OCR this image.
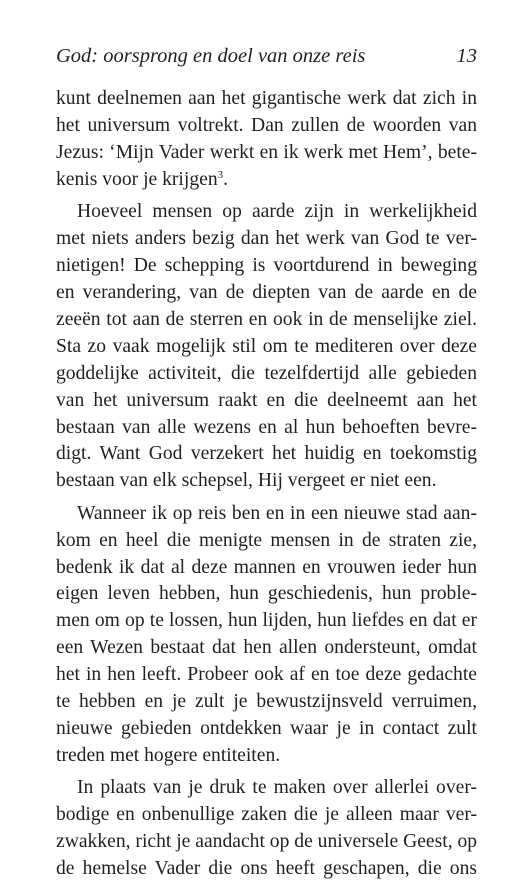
God: oorsprong en doel van onze reis	13
kunt deelnemen aan het gigantische werk dat zich in
het universum voltrekt. Dan zullen de woorden van
Jezus: ‘Mijn Vader werkt en ik werk met Hem’, bete-
kenis voor je krijgen$^3$.
Hoeveel mensen op aarde zijn in werkelijkheid
met niets anders bezig dan het werk van God te ver-
nietigen! De schepping is voortdurend in beweging
en verandering, van de diepten van de aarde en de
zeeën tot aan de sterren en ook in de menselijke ziel.
Sta zo vaak mogelijk stil om te mediteren over deze
goddelijke activiteit, die tezelfdertijd alle gebieden
van het universum raakt en die deelneemt aan het
bestaan van alle wezens en al hun behoeften bevre-
digt. Want God verzekert het huidig en toekomstig
bestaan van elk schepsel, Hij vergeet er niet een.
Wanneer ik op reis ben en in een nieuwe stad aan-
kom en heel die menigte mensen in de straten zie,
bedenk ik dat al deze mannen en vrouwen ieder hun
eigen leven hebben, hun geschiedenis, hun proble-
men om op te lossen, hun lijden, hun liefdes en dat er
een Wezen bestaat dat hen allen ondersteunt, omdat
het in hen leeft. Probeer ook af en toe deze gedachte
te hebben en je zult je bewustzijnsveld verruimen,
nieuwe gebieden ontdekken waar je in contact zult
treden met hogere entiteiten.
In plaats van je druk te maken over allerlei over-
bodige en onbenullige zaken die je alleen maar ver-
zwakken, richt je aandacht op de universele Geest, op
de hemelse Vader die ons heeft geschapen, die ons
